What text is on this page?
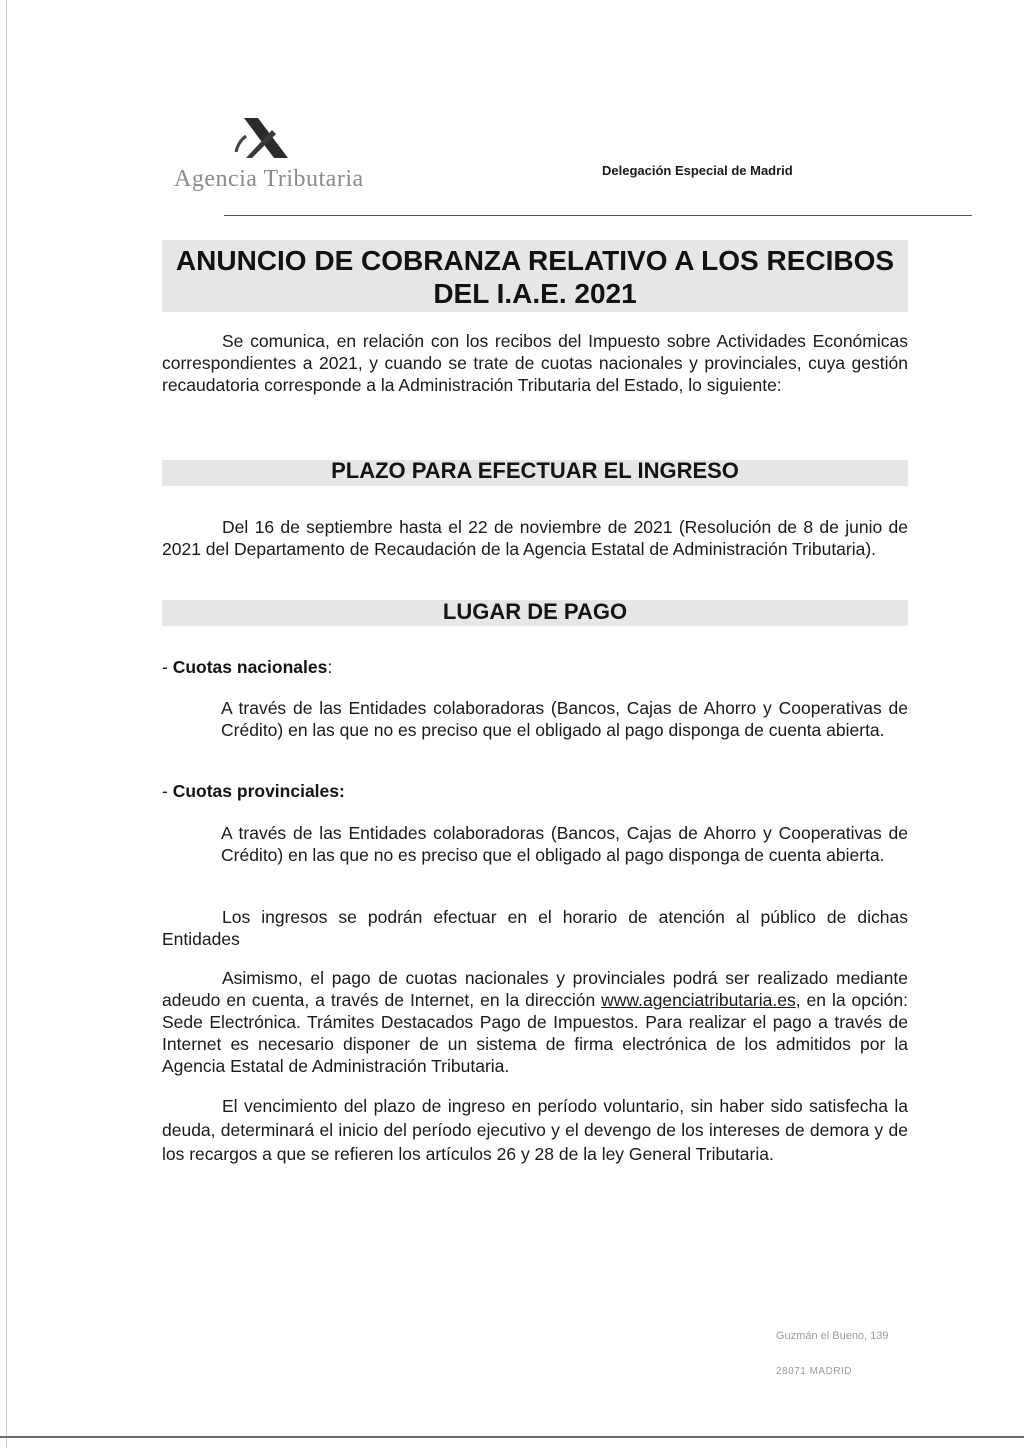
Agencia Tributaria	Delegación Especial de Madrid
ANUNCIO DE COBRANZA RELATIVO A LOS RECIBOS
DEL I.A.E. 2021
Se comunica, en relación con los recibos del Impuesto sobre Actividades Económicas correspondientes a 2021, y cuando se trate de cuotas nacionales y provinciales, cuya gestión recaudatoria corresponde a la Administración Tributaria del Estado, lo siguiente:
PLAZO PARA EFECTUAR EL INGRESO
Del 16 de septiembre hasta el 22 de noviembre de 2021 (Resolución de 8 de junio de 2021 del Departamento de Recaudación de la Agencia Estatal de Administración Tributaria).
LUGAR DE PAGO
- Cuotas nacionales:
A través de las Entidades colaboradoras (Bancos, Cajas de Ahorro y Cooperativas de Crédito) en las que no es preciso que el obligado al pago disponga de cuenta abierta.
- Cuotas provinciales:
A través de las Entidades colaboradoras (Bancos, Cajas de Ahorro y Cooperativas de Crédito) en las que no es preciso que el obligado al pago disponga de cuenta abierta.
Los ingresos se podrán efectuar en el horario de atención al público de dichas Entidades
Asimismo, el pago de cuotas nacionales y provinciales podrá ser realizado mediante adeudo en cuenta, a través de Internet, en la dirección www.agenciatributaria.es, en la opción: Sede Electrónica. Trámites Destacados Pago de Impuestos. Para realizar el pago a través de Internet es necesario disponer de un sistema de firma electrónica de los admitidos por la Agencia Estatal de Administración Tributaria.
El vencimiento del plazo de ingreso en período voluntario, sin haber sido satisfecha la deuda, determinará el inicio del período ejecutivo y el devengo de los intereses de demora y de los recargos a que se refieren los artículos 26 y 28 de la ley General Tributaria.
Guzmán el Bueno, 139
28071 MADRID
